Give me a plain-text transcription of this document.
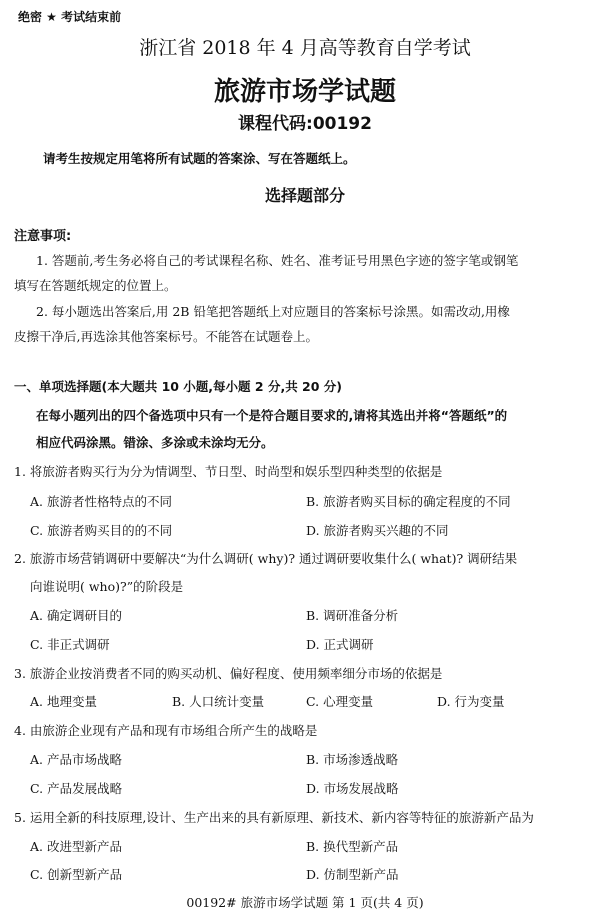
绝密 ★ 考试结束前
浙江省 2018 年 4 月高等教育自学考试
旅游市场学试题
课程代码:00192
请考生按规定用笔将所有试题的答案涂、写在答题纸上。
选择题部分
注意事项:
1. 答题前,考生务必将自己的考试课程名称、姓名、准考证号用黑色字迹的签字笔或钢笔
填写在答题纸规定的位置上。
2. 每小题选出答案后,用 2B 铅笔把答题纸上对应题目的答案标号涂黑。如需改动,用橡
皮擦干净后,再选涂其他答案标号。不能答在试题卷上。
一、单项选择题(本大题共 10 小题,每小题 2 分,共 20 分)
在每小题列出的四个备选项中只有一个是符合题目要求的,请将其选出并将“答题纸”的
相应代码涂黑。错涂、多涂或未涂均无分。
1. 将旅游者购买行为分为情调型、节日型、时尚型和娱乐型四种类型的依据是
A. 旅游者性格特点的不同	B. 旅游者购买目标的确定程度的不同
C. 旅游者购买目的的不同	D. 旅游者购买兴趣的不同
2. 旅游市场营销调研中要解决“为什么调研( why)? 通过调研要收集什么( what)? 调研结果
向谁说明( who)?”的阶段是
A. 确定调研目的	B. 调研准备分析
C. 非正式调研	D. 正式调研
3. 旅游企业按消费者不同的购买动机、偏好程度、使用频率细分市场的依据是
A. 地理变量	B. 人口统计变量	C. 心理变量	D. 行为变量
4. 由旅游企业现有产品和现有市场组合所产生的战略是
A. 产品市场战略	B. 市场渗透战略
C. 产品发展战略	D. 市场发展战略
5. 运用全新的科技原理,设计、生产出来的具有新原理、新技术、新内容等特征的旅游新产品为
A. 改进型新产品	B. 换代型新产品
C. 创新型新产品	D. 仿制型新产品
00192# 旅游市场学试题 第 1 页(共 4 页)
